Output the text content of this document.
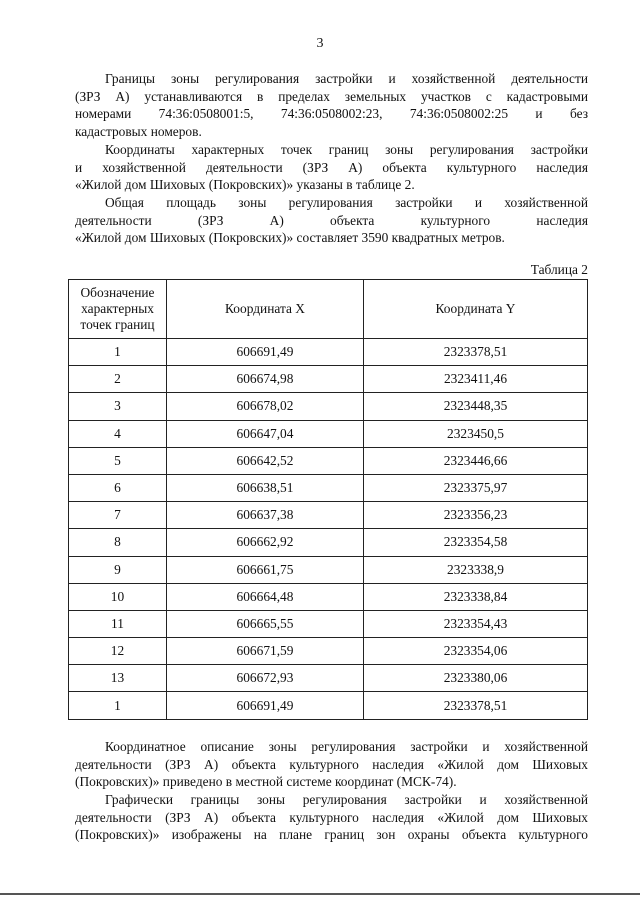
3
Границы зоны регулирования застройки и хозяйственной деятельности
(ЗРЗ А) устанавливаются в пределах земельных участков с кадастровыми
номерами 74:36:0508001:5, 74:36:0508002:23, 74:36:0508002:25 и без
кадастровых номеров.
Координаты характерных точек границ зоны регулирования застройки
и хозяйственной деятельности (ЗРЗ А) объекта культурного наследия
«Жилой дом Шиховых (Покровских)» указаны в таблице 2.
Общая площадь зоны регулирования застройки и хозяйственной
деятельности (ЗРЗ А) объекта культурного наследия
«Жилой дом Шиховых (Покровских)» составляет 3590 квадратных метров.
Таблица 2
Обозначение
характерных
точек границ	Координата X	Координата Y
1	606691,49	2323378,51
2	606674,98	2323411,46
3	606678,02	2323448,35
4	606647,04	2323450,5
5	606642,52	2323446,66
6	606638,51	2323375,97
7	606637,38	2323356,23
8	606662,92	2323354,58
9	606661,75	2323338,9
10	606664,48	2323338,84
11	606665,55	2323354,43
12	606671,59	2323354,06
13	606672,93	2323380,06
1	606691,49	2323378,51
Координатное описание зоны регулирования застройки и хозяйственной
деятельности (ЗРЗ А) объекта культурного наследия «Жилой дом Шиховых
(Покровских)» приведено в местной системе координат (МСК-74).
Графически границы зоны регулирования застройки и хозяйственной
деятельности (ЗРЗ А) объекта культурного наследия «Жилой дом Шиховых
(Покровских)» изображены на плане границ зон охраны объекта культурного
